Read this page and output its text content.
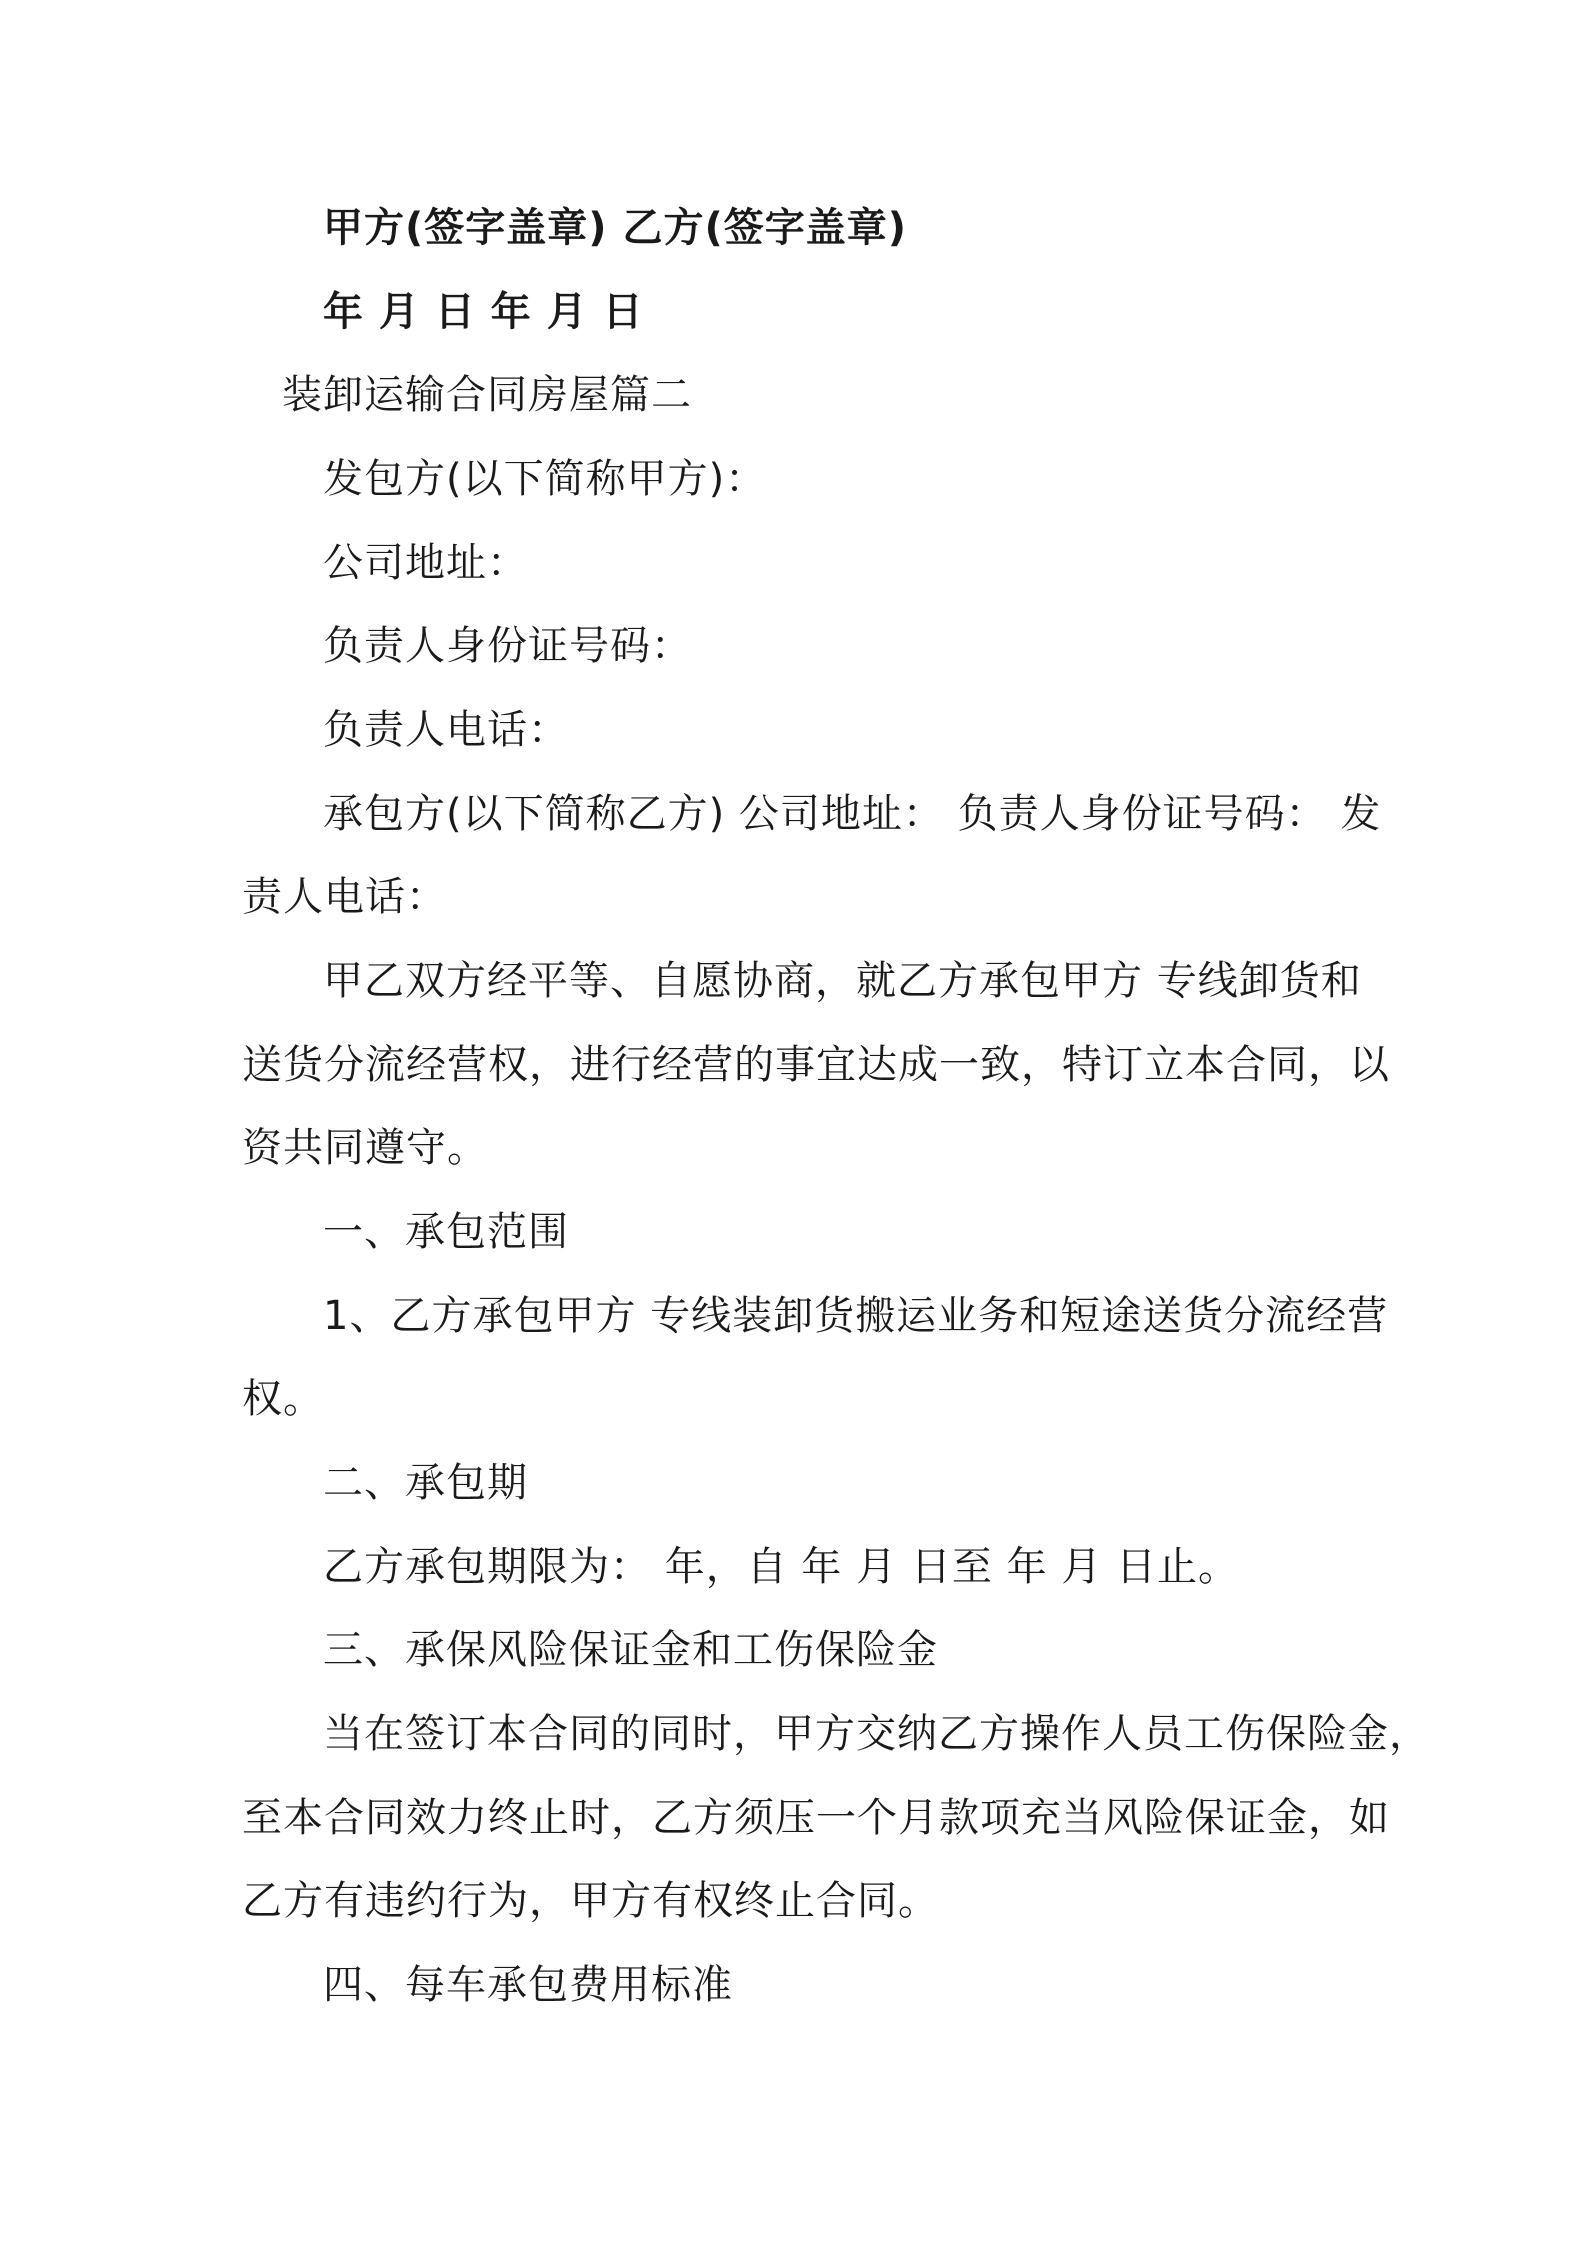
甲方(签字盖章) 乙方(签字盖章)
年 月 日 年 月 日
装卸运输合同房屋篇二
发包方(以下简称甲方)：
公司地址：
负责人身份证号码：
负责人电话：
承包方(以下简称乙方) 公司地址： 负责人身份证号码： 发
责人电话：
甲乙双方经平等、自愿协商，就乙方承包甲方 专线卸货和
送货分流经营权，进行经营的事宜达成一致，特订立本合同，以
资共同遵守。
一、承包范围
1、乙方承包甲方 专线装卸货搬运业务和短途送货分流经营
权。
二、承包期
乙方承包期限为： 年，自 年 月 日至 年 月 日止。
三、承保风险保证金和工伤保险金
当在签订本合同的同时，甲方交纳乙方操作人员工伤保险金，
至本合同效力终止时，乙方须压一个月款项充当风险保证金，如
乙方有违约行为，甲方有权终止合同。
四、每车承包费用标准
